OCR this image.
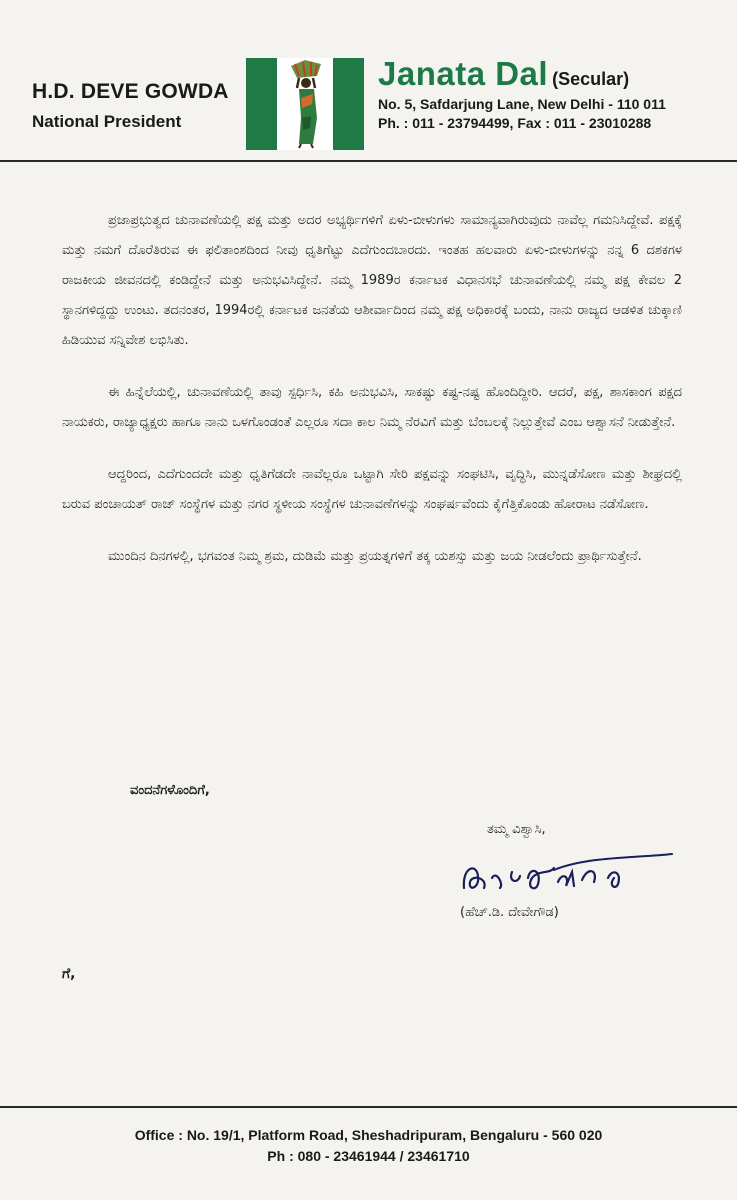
H.D. DEVE GOWDA
National President
Janata Dal (Secular)
No. 5, Safdarjung Lane, New Delhi - 110 011
Ph. : 011 - 23794499, Fax : 011 - 23010288

ಪ್ರಜಾಪ್ರಭುತ್ವದ ಚುನಾವಣೆಯಲ್ಲಿ ಪಕ್ಷ ಮತ್ತು ಅದರ ಅಭ್ಯರ್ಥಿಗಳಿಗೆ ಏಳು-ಬೀಳುಗಳು ಸಾಮಾನ್ಯವಾಗಿರುವುದು ನಾವೆಲ್ಲ ಗಮನಿಸಿದ್ದೇವೆ. ಪಕ್ಷಕ್ಕೆ ಮತ್ತು ನಮಗೆ ದೊರೆತಿರುವ ಈ ಫಲಿತಾಂಶದಿಂದ ನೀವು ಧೃತಿಗೆಟ್ಟು ಎದೆಗುಂದಬಾರದು. ಇಂತಹ ಹಲವಾರು ಏಳು-ಬೀಳುಗಳನ್ನು ನನ್ನ 6 ದಶಕಗಳ ರಾಜಕೀಯ ಜೀವನದಲ್ಲಿ ಕಂಡಿದ್ದೇನೆ ಮತ್ತು ಅನುಭವಿಸಿದ್ದೇನೆ. ನಮ್ಮ 1989ರ ಕರ್ನಾಟಕ ವಿಧಾನಸಭೆ ಚುನಾವಣೆಯಲ್ಲಿ ನಮ್ಮ ಪಕ್ಷ ಕೇವಲ 2 ಸ್ಥಾನಗಳಿದ್ದದ್ದು ಉಂಟು. ತದನಂತರ, 1994ರಲ್ಲಿ ಕರ್ನಾಟಕ ಜನತೆಯ ಆಶೀರ್ವಾದಿಂದ ನಮ್ಮ ಪಕ್ಷ ಅಧಿಕಾರಕ್ಕೆ ಬಂದು, ನಾನು ರಾಜ್ಯದ ಆಡಳಿತ ಚುಕ್ಕಾಣಿ ಹಿಡಿಯುವ ಸನ್ನಿವೇಶ ಲಭಿಸಿತು.

ಈ ಹಿನ್ನೆಲೆಯಲ್ಲಿ, ಚುನಾವಣೆಯಲ್ಲಿ ತಾವು ಸ್ಪರ್ಧಿಸಿ, ಕಹಿ ಅನುಭವಿಸಿ, ಸಾಕಷ್ಟು ಕಷ್ಟ-ನಷ್ಟ ಹೊಂದಿದ್ದೀರಿ. ಆದರೆ, ಪಕ್ಷ, ಶಾಸಕಾಂಗ ಪಕ್ಷದ ನಾಯಕರು, ರಾಜ್ಯಾಧ್ಯಕ್ಷರು ಹಾಗೂ ನಾನು ಒಳಗೊಂಡಂತೆ ಎಲ್ಲರೂ ಸದಾ ಕಾಲ ನಿಮ್ಮ ನೆರವಿಗೆ ಮತ್ತು ಬೆಂಬಲಕ್ಕೆ ನಿಲ್ಲುತ್ತೇವೆ ಎಂಬ ಆಶ್ವಾಸನೆ ನೀಡುತ್ತೇನೆ.

ಆದ್ದರಿಂದ, ಎದೆಗುಂದದೇ ಮತ್ತು ಧೃತಿಗೆಡದೇ ನಾವೆಲ್ಲರೂ ಒಟ್ಟಾಗಿ ಸೇರಿ ಪಕ್ಷವನ್ನು ಸಂಘಟಿಸಿ, ವೃದ್ಧಿಸಿ, ಮುನ್ನಡೆಸೋಣ ಮತ್ತು ಶೀಘ್ರದಲ್ಲಿ ಬರುವ ಪಂಚಾಯತ್ ರಾಜ್ ಸಂಸ್ಥೆಗಳ ಮತ್ತು ನಗರ ಸ್ಥಳೀಯ ಸಂಸ್ಥೆಗಳ ಚುನಾವಣೆಗಳನ್ನು ಸಂಘರ್ಷವೆಂದು ಕೈಗೆತ್ತಿಕೊಂಡು ಹೋರಾಟ ನಡೆಸೋಣ.

ಮುಂದಿನ ದಿನಗಳಲ್ಲಿ, ಭಗವಂತ ನಿಮ್ಮ ಶ್ರಮ, ದುಡಿಮೆ ಮತ್ತು ಪ್ರಯತ್ನಗಳಿಗೆ ತಕ್ಕ ಯಶಸ್ಸು ಮತ್ತು ಜಯ ನೀಡಲೆಂದು ಪ್ರಾರ್ಥಿಸುತ್ತೇನೆ.

ವಂದನೆಗಳೊಂದಿಗೆ,
ತಮ್ಮ ವಿಶ್ವಾಸಿ,
(ಹೆಚ್.ಡಿ. ದೇವೇಗೌಡ)
ಗೆ,
Office : No. 19/1, Platform Road, Sheshadripuram, Bengaluru - 560 020
Ph : 080 - 23461944 / 23461710
